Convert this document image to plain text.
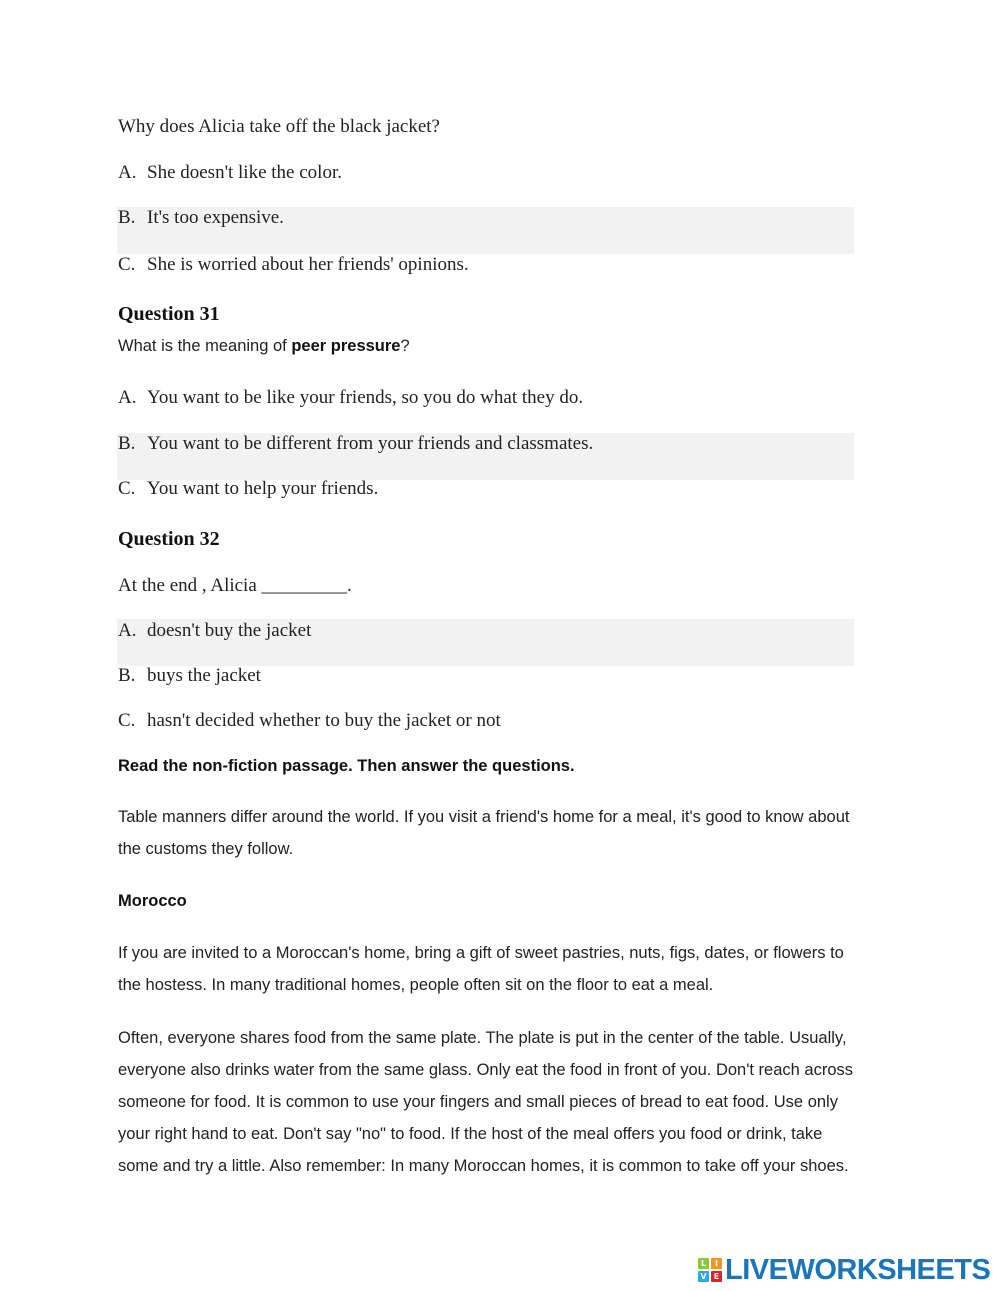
Why does Alicia take off the black jacket?
A. She doesn't like the color.
B. It's too expensive.
C. She is worried about her friends' opinions.
Question 31
What is the meaning of peer pressure?
A. You want to be like your friends, so you do what they do.
B. You want to be different from your friends and classmates.
C. You want to help your friends.
Question 32
At the end , Alicia _________.
A. doesn't buy the jacket
B. buys the jacket
C. hasn't decided whether to buy the jacket or not
Read the non-fiction passage. Then answer the questions.
Table manners differ around the world. If you visit a friend's home for a meal, it's good to know about the customs they follow.
Morocco
If you are invited to a Moroccan's home, bring a gift of sweet pastries, nuts, figs, dates, or flowers to the hostess. In many traditional homes, people often sit on the floor to eat a meal.
Often, everyone shares food from the same plate. The plate is put in the center of the table. Usually, everyone also drinks water from the same glass. Only eat the food in front of you. Don't reach across someone for food. It is common to use your fingers and small pieces of bread to eat food. Use only your right hand to eat. Don't say "no" to food. If the host of the meal offers you food or drink, take some and try a little. Also remember: In many Moroccan homes, it is common to take off your shoes.
L	I
V E LIVEWORKSHEETS
